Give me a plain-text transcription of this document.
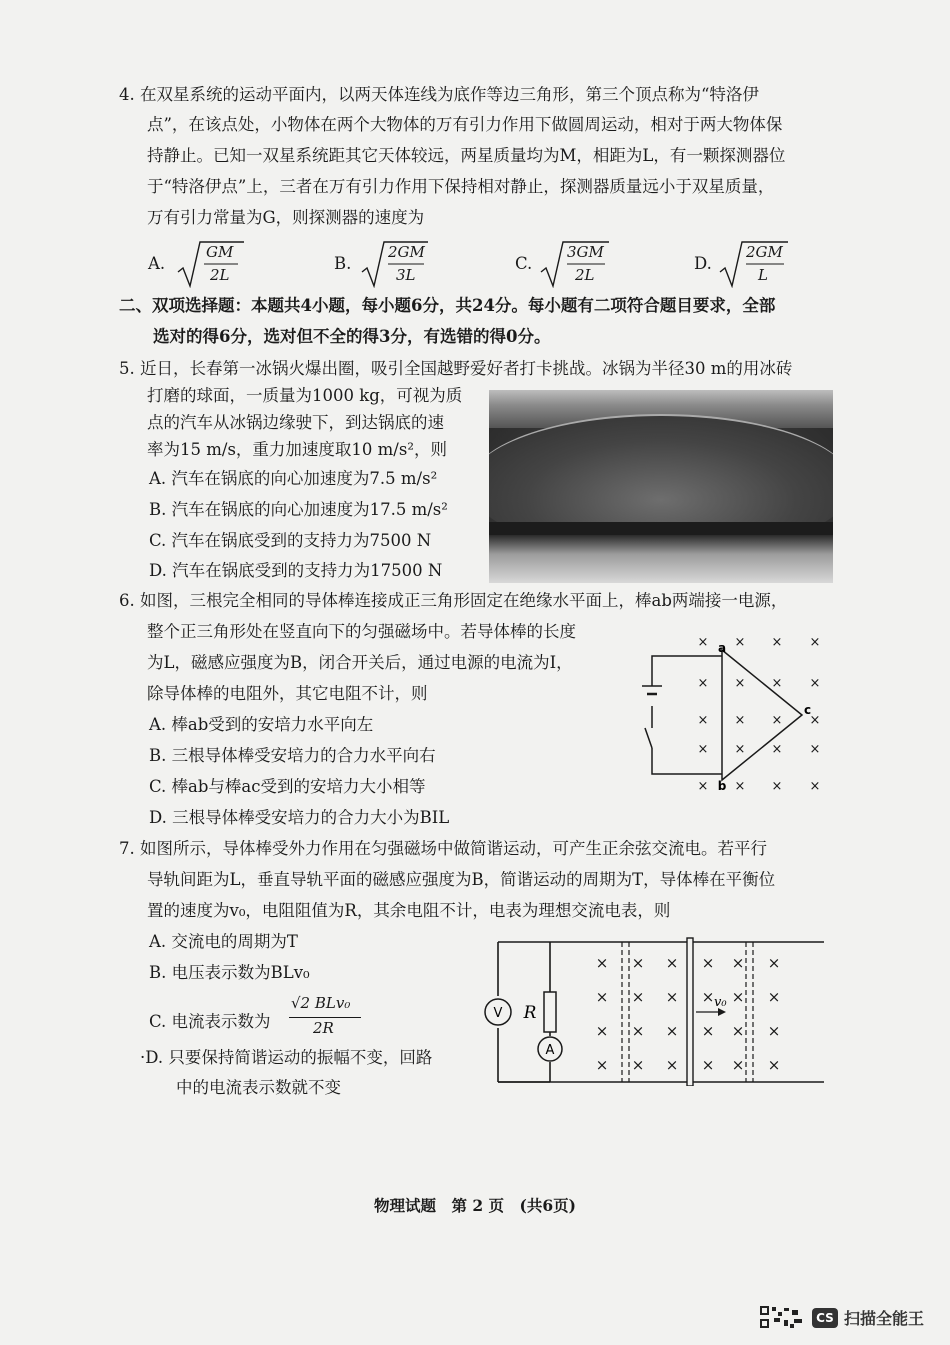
4. 在双星系统的运动平面内，以两天体连线为底作等边三角形，第三个顶点称为“特洛伊
点”，在该点处，小物体在两个大物体的万有引力作用下做圆周运动，相对于两大物体保
持静止。已知一双星系统距其它天体较远，两星质量均为M，相距为L，有一颗探测器位
于“特洛伊点”上，三者在万有引力作用下保持相对静止，探测器质量远小于双星质量，
万有引力常量为G，则探测器的速度为
A.
GM
2L
B.
2GM
3L
C.
3GM
2L
D.
2GM
L
二、双项选择题：本题共4小题，每小题6分，共24分。每小题有二项符合题目要求，全部
选对的得6分，选对但不全的得3分，有选错的得0分。
5. 近日，长春第一冰锅火爆出圈，吸引全国越野爱好者打卡挑战。冰锅为半径30 m的用冰砖
打磨的球面，一质量为1000 kg，可视为质
点的汽车从冰锅边缘驶下，到达锅底的速
率为15 m/s，重力加速度取10 m/s²，则
A. 汽车在锅底的向心加速度为7.5 m/s²
B. 汽车在锅底的向心加速度为17.5 m/s²
C. 汽车在锅底受到的支持力为7500 N
D. 汽车在锅底受到的支持力为17500 N
6. 如图，三根完全相同的导体棒连接成正三角形固定在绝缘水平面上，棒ab两端接一电源，
整个正三角形处在竖直向下的匀强磁场中。若导体棒的长度
为L，磁感应强度为B，闭合开关后，通过电源的电流为I，
除导体棒的电阻外，其它电阻不计，则
A. 棒ab受到的安培力水平向左
B. 三根导体棒受安培力的合力水平向右
C. 棒ab与棒ac受到的安培力大小相等
D. 三根导体棒受安培力的合力大小为BIL
× × ×
× × × ×
× × × ×
× × × ×
× × × ×
× a
b
c
7. 如图所示，导体棒受外力作用在匀强磁场中做简谐运动，可产生正余弦交流电。若平行
导轨间距为L，垂直导轨平面的磁感应强度为B，简谐运动的周期为T，导体棒在平衡位
置的速度为v₀，电阻阻值为R，其余电阻不计，电表为理想交流电表，则
A. 交流电的周期为T
B. 电压表示数为BLv₀
C. 电流表示数为
√2 BLv₀
2R
·D. 只要保持简谐运动的振幅不变，回路
中的电流表示数就不变
V
A
R
× × × × × ×
× × × × × ×
× × × × × ×
× × × × × ×
v₀
物理试题　第 2 页　(共6页)
CS 扫描全能王
